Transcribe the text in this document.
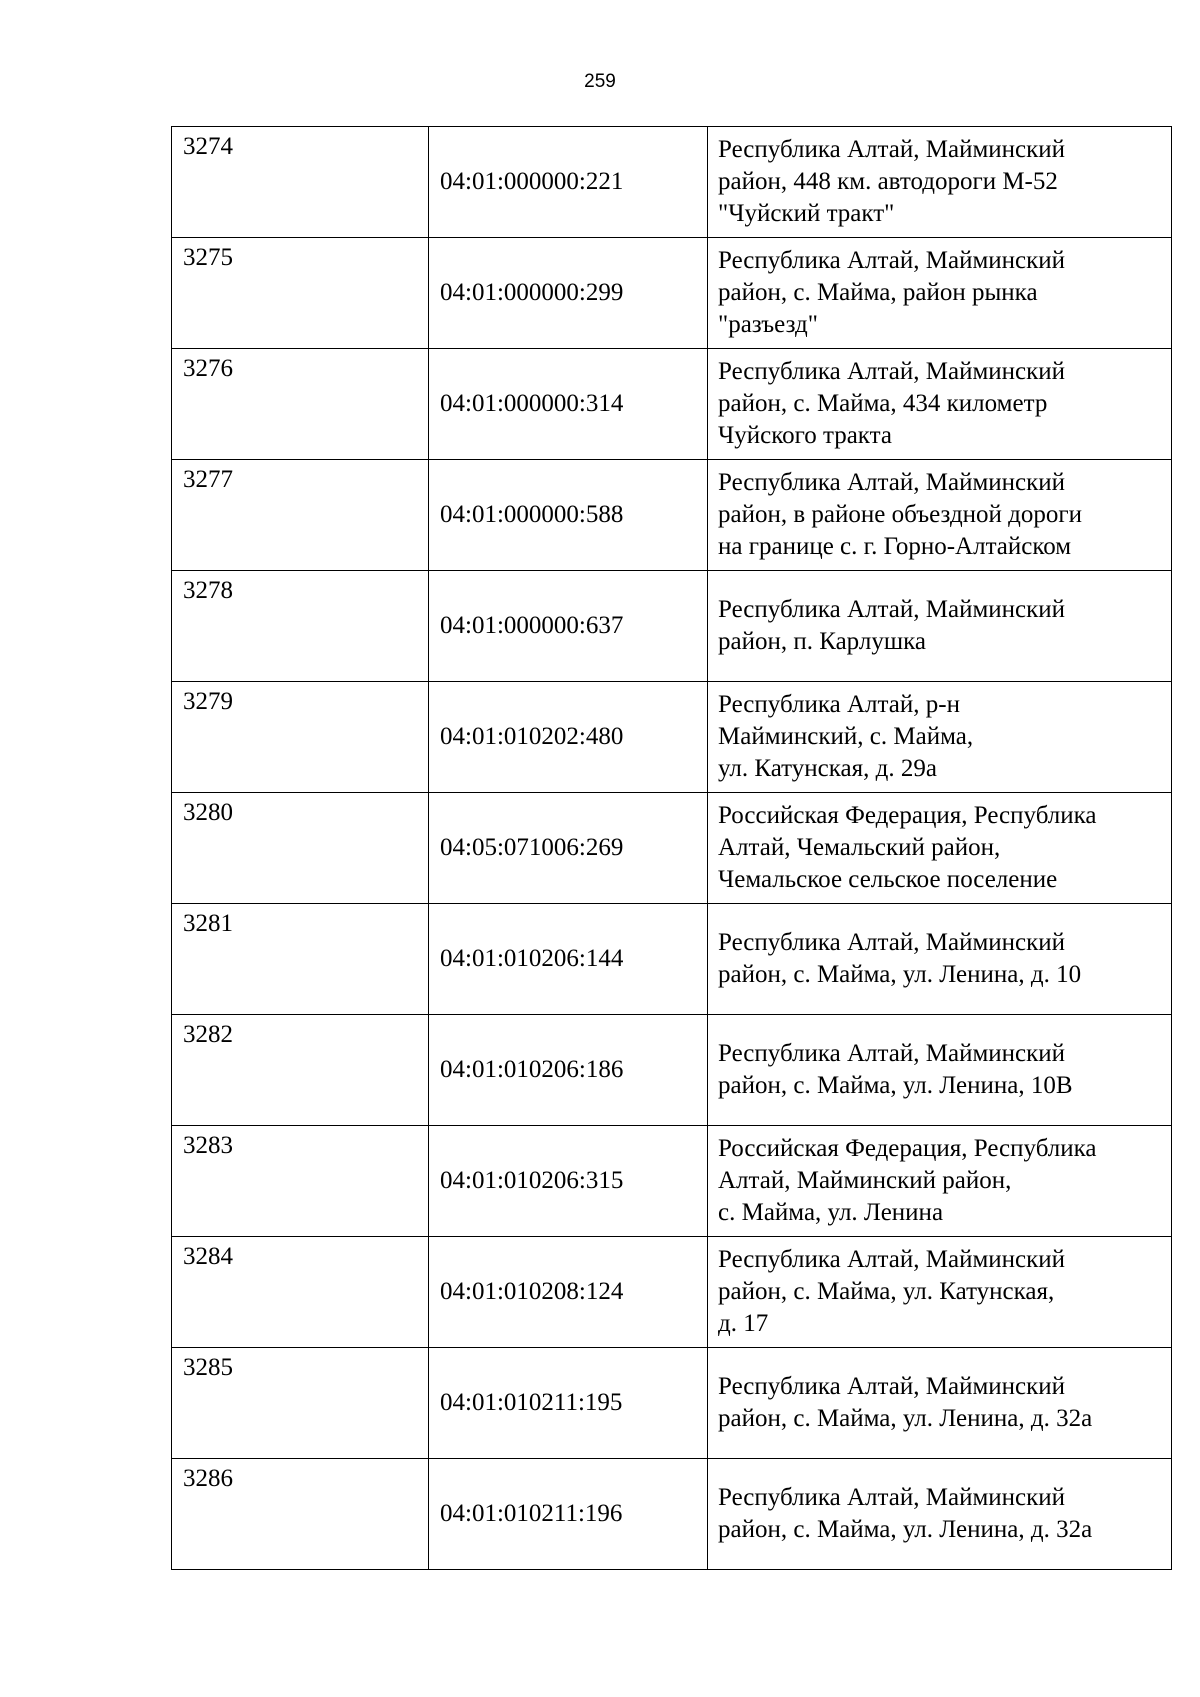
259
3274	04:01:000000:221	Республика Алтай, Майминский
район, 448 км. автодороги М-52
"Чуйский тракт"

3275	04:01:000000:299	Республика Алтай, Майминский
район, с. Майма, район рынка
"разъезд"

3276	04:01:000000:314	Республика Алтай, Майминский
район, с. Майма, 434 километр
Чуйского тракта

3277	04:01:000000:588	Республика Алтай, Майминский
район, в районе объездной дороги
на границе с. г. Горно-Алтайском

3278	04:01:000000:637	Республика Алтай, Майминский
район, п. Карлушка

3279	04:01:010202:480	Республика Алтай, р-н
Майминский, с. Майма,
ул. Катунская, д. 29а

3280	04:05:071006:269	Российская Федерация, Республика
Алтай, Чемальский район,
Чемальское сельское поселение

3281	04:01:010206:144	Республика Алтай, Майминский
район, с. Майма, ул. Ленина, д. 10

3282	04:01:010206:186	Республика Алтай, Майминский
район, с. Майма, ул. Ленина, 10В

3283	04:01:010206:315	Российская Федерация, Республика
Алтай, Майминский район,
с. Майма, ул. Ленина

3284	04:01:010208:124	Республика Алтай, Майминский
район, с. Майма, ул. Катунская,
д. 17

3285	04:01:010211:195	Республика Алтай, Майминский
район, с. Майма, ул. Ленина, д. 32а

3286	04:01:010211:196	Республика Алтай, Майминский
район, с. Майма, ул. Ленина, д. 32а
